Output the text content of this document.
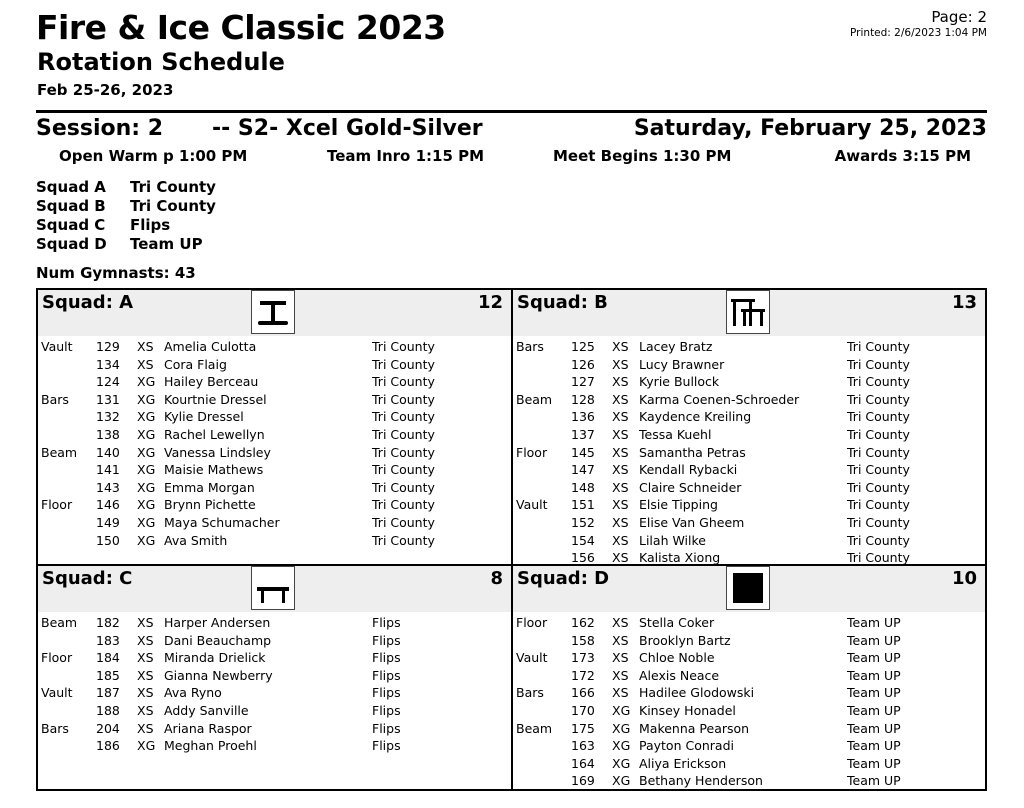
Fire & Ice Classic 2023
Rotation Schedule
Feb 25-26, 2023
Page: 2
Printed: 2/6/2023 1:04 PM
Session: 2 -- S2- Xcel Gold-Silver	Saturday, February 25, 2023
Open Warm p 1:00 PM	Team Inro 1:15 PM	Meet Begins 1:30 PM	Awards 3:15 PM
Squad A Tri County
Squad B Tri County
Squad C Flips
Squad D Team UP
Num Gymnasts: 43
Squad: A	12
Vault 129 XS Amelia Culotta	Tri County
134 XS Cora Flaig	Tri County
124 XG Hailey Berceau	Tri County
Bars 131 XG Kourtnie Dressel	Tri County
132 XG Kylie Dressel	Tri County
138 XG Rachel Lewellyn	Tri County
Beam 140 XG Vanessa Lindsley	Tri County
141 XG Maisie Mathews	Tri County
143 XG Emma Morgan	Tri County
Floor 146 XG Brynn Pichette	Tri County
149 XG Maya Schumacher	Tri County
150 XG Ava Smith	Tri County
Squad: B	13
Bars 125 XS Lacey Bratz	Tri County
126 XS Lucy Brawner	Tri County
127 XS Kyrie Bullock	Tri County
Beam 128 XS Karma Coenen-Schroeder	Tri County
136 XS Kaydence Kreiling	Tri County
137 XS Tessa Kuehl	Tri County
Floor 145 XS Samantha Petras	Tri County
147 XS Kendall Rybacki	Tri County
148 XS Claire Schneider	Tri County
Vault 151 XS Elsie Tipping	Tri County
152 XS Elise Van Gheem	Tri County
154 XS Lilah Wilke	Tri County
156 XS Kalista Xiong	Tri County
Squad: C	8
Beam 182 XS Harper Andersen	Flips
183 XS Dani Beauchamp	Flips
Floor 184 XS Miranda Drielick	Flips
185 XS Gianna Newberry	Flips
Vault 187 XS Ava Ryno	Flips
188 XS Addy Sanville	Flips
Bars 204 XS Ariana Raspor	Flips
186 XG Meghan Proehl	Flips
Squad: D	10
Floor 162 XS Stella Coker	Team UP
158 XS Brooklyn Bartz	Team UP
Vault 173 XS Chloe Noble	Team UP
172 XS Alexis Neace	Team UP
Bars 166 XS Hadilee Glodowski	Team UP
170 XG Kinsey Honadel	Team UP
Beam 175 XG Makenna Pearson	Team UP
163 XG Payton Conradi	Team UP
164 XG Aliya Erickson	Team UP
169 XG Bethany Henderson	Team UP
